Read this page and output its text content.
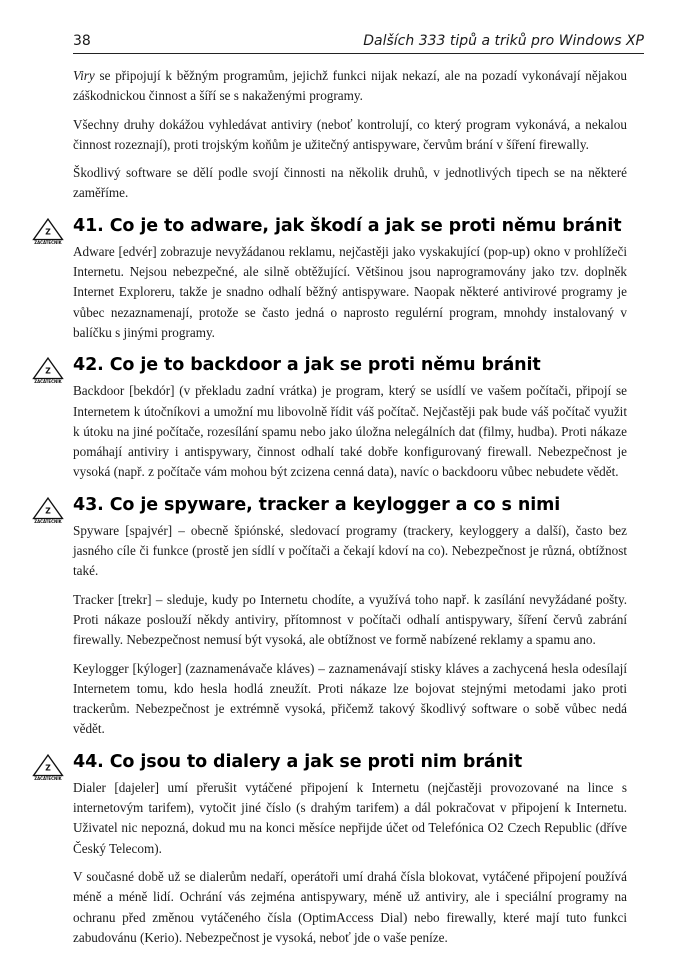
38	Dalších 333 tipů a triků pro Windows XP

Viry se připojují k běžným programům, jejichž funkci nijak nekazí, ale na pozadí vykonávají nějakou záškodnickou činnost a šíří se s nakaženými programy.

Všechny druhy dokážou vyhledávat antiviry (neboť kontrolují, co který program vykonává, a nekalou činnost rozeznají), proti trojským koňům je užitečný antispyware, červům brání v šíření firewally.

Škodlivý software se dělí podle svojí činnosti na několik druhů, v jednotlivých tipech se na některé zaměříme.

Z
ZAČÁTEČNÍK
41. Co je to adware, jak škodí a jak se proti němu bránit

Adware [edvér] zobrazuje nevyžádanou reklamu, nejčastěji jako vyskakující (pop-up) okno v prohlížeči Internetu. Nejsou nebezpečné, ale silně obtěžující. Většinou jsou naprogramovány jako tzv. doplněk Internet Exploreru, takže je snadno odhalí běžný antispyware. Naopak některé antivirové programy je vůbec nezaznamenají, protože se často jedná o naprosto regulérní program, mnohdy instalovaný v balíčku s jinými programy.

Z
ZAČÁTEČNÍK
42. Co je to backdoor a jak se proti němu bránit

Backdoor [bekdór] (v překladu zadní vrátka) je program, který se usídlí ve vašem počítači, připojí se Internetem k útočníkovi a umožní mu libovolně řídit váš počítač. Nejčastěji pak bude váš počítač využit k útoku na jiné počítače, rozesílání spamu nebo jako úložna nelegálních dat (filmy, hudba). Proti nákaze pomáhají antiviry i antispywary, činnost odhalí také dobře konfigurovaný firewall. Nebezpečnost je vysoká (např. z počítače vám mohou být zcizena cenná data), navíc o backdooru vůbec nebudete vědět.

Z
ZAČÁTEČNÍK
43. Co je spyware, tracker a keylogger a co s nimi

Spyware [spajvér] – obecně špiónské, sledovací programy (trackery, keyloggery a další), často bez jasného cíle či funkce (prostě jen sídlí v počítači a čekají kdoví na co). Nebezpečnost je různá, obtížnost také.

Tracker [trekr] – sleduje, kudy po Internetu chodíte, a využívá toho např. k zasílání nevyžádané pošty. Proti nákaze poslouží někdy antiviry, přítomnost v počítači odhalí antispywary, šíření červů zabrání firewally. Nebezpečnost nemusí být vysoká, ale obtížnost ve formě nabízené reklamy a spamu ano.

Keylogger [kýloger] (zaznamenávače kláves) – zaznamenávají stisky kláves a zachycená hesla odesílají Internetem tomu, kdo hesla hodlá zneužít. Proti nákaze lze bojovat stejnými metodami jako proti trackerům. Nebezpečnost je extrémně vysoká, přičemž takový škodlivý software o sobě vůbec nedá vědět.

Z
ZAČÁTEČNÍK
44. Co jsou to dialery a jak se proti nim bránit

Dialer [dajeler] umí přerušit vytáčené připojení k Internetu (nejčastěji provozované na lince s internetovým tarifem), vytočit jiné číslo (s drahým tarifem) a dál pokračovat v připojení k Internetu. Uživatel nic nepozná, dokud mu na konci měsíce nepřijde účet od Telefónica O2 Czech Republic (dříve Český Telecom).

V současné době už se dialerům nedaří, operátoři umí drahá čísla blokovat, vytáčené připojení používá méně a méně lidí. Ochrání vás zejména antispywary, méně už antiviry, ale i speciální programy na ochranu před změnou vytáčeného čísla (OptimAccess Dial) nebo firewally, které mají tuto funkci zabudovánu (Kerio). Nebezpečnost je vysoká, neboť jde o vaše peníze.
